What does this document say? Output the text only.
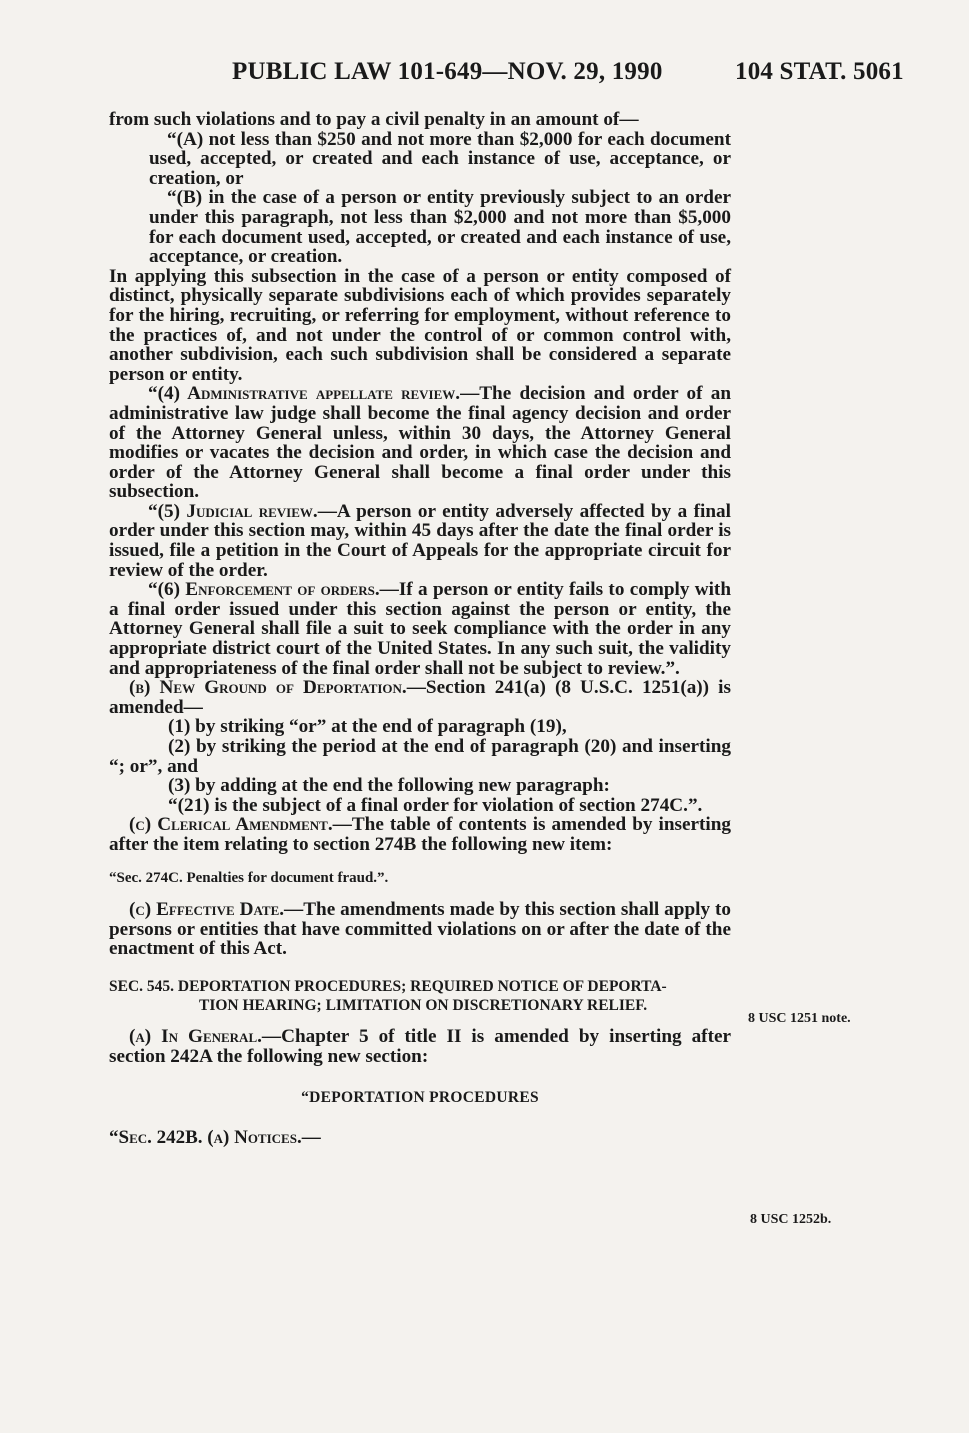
PUBLIC LAW 101-649—NOV. 29, 1990	104 STAT. 5061

from such violations and to pay a civil penalty in an amount of—

“(A) not less than $250 and not more than $2,000 for each document used, accepted, or created and each instance of use, acceptance, or creation, or

“(B) in the case of a person or entity previously subject to an order under this paragraph, not less than $2,000 and not more than $5,000 for each document used, accepted, or created and each instance of use, acceptance, or creation.

In applying this subsection in the case of a person or entity composed of distinct, physically separate subdivisions each of which provides separately for the hiring, recruiting, or referring for employment, without reference to the practices of, and not under the control of or common control with, another subdivision, each such subdivision shall be considered a separate person or entity.

“(4) Administrative appellate review.—The decision and order of an administrative law judge shall become the final agency decision and order of the Attorney General unless, within 30 days, the Attorney General modifies or vacates the decision and order, in which case the decision and order of the Attorney General shall become a final order under this subsection.

“(5) Judicial review.—A person or entity adversely affected by a final order under this section may, within 45 days after the date the final order is issued, file a petition in the Court of Appeals for the appropriate circuit for review of the order.

“(6) Enforcement of orders.—If a person or entity fails to comply with a final order issued under this section against the person or entity, the Attorney General shall file a suit to seek compliance with the order in any appropriate district court of the United States. In any such suit, the validity and appropriateness of the final order shall not be subject to review.”.

(b) New Ground of Deportation.—Section 241(a) (8 U.S.C. 1251(a)) is amended—

(1) by striking “or” at the end of paragraph (19),

(2) by striking the period at the end of paragraph (20) and inserting “; or”, and

(3) by adding at the end the following new paragraph:

“(21) is the subject of a final order for violation of section 274C.”.

(c) Clerical Amendment.—The table of contents is amended by inserting after the item relating to section 274B the following new item:

“Sec. 274C. Penalties for document fraud.”.

(c) Effective Date.—The amendments made by this section shall apply to persons or entities that have committed violations on or after the date of the enactment of this Act.

SEC. 545. DEPORTATION PROCEDURES; REQUIRED NOTICE OF DEPORTA-
TION HEARING; LIMITATION ON DISCRETIONARY RELIEF.

(a) In General.—Chapter 5 of title II is amended by inserting after section 242A the following new section:

“DEPORTATION PROCEDURES

“Sec. 242B. (a) Notices.—

8 USC 1251 note.
8 USC 1252b.
